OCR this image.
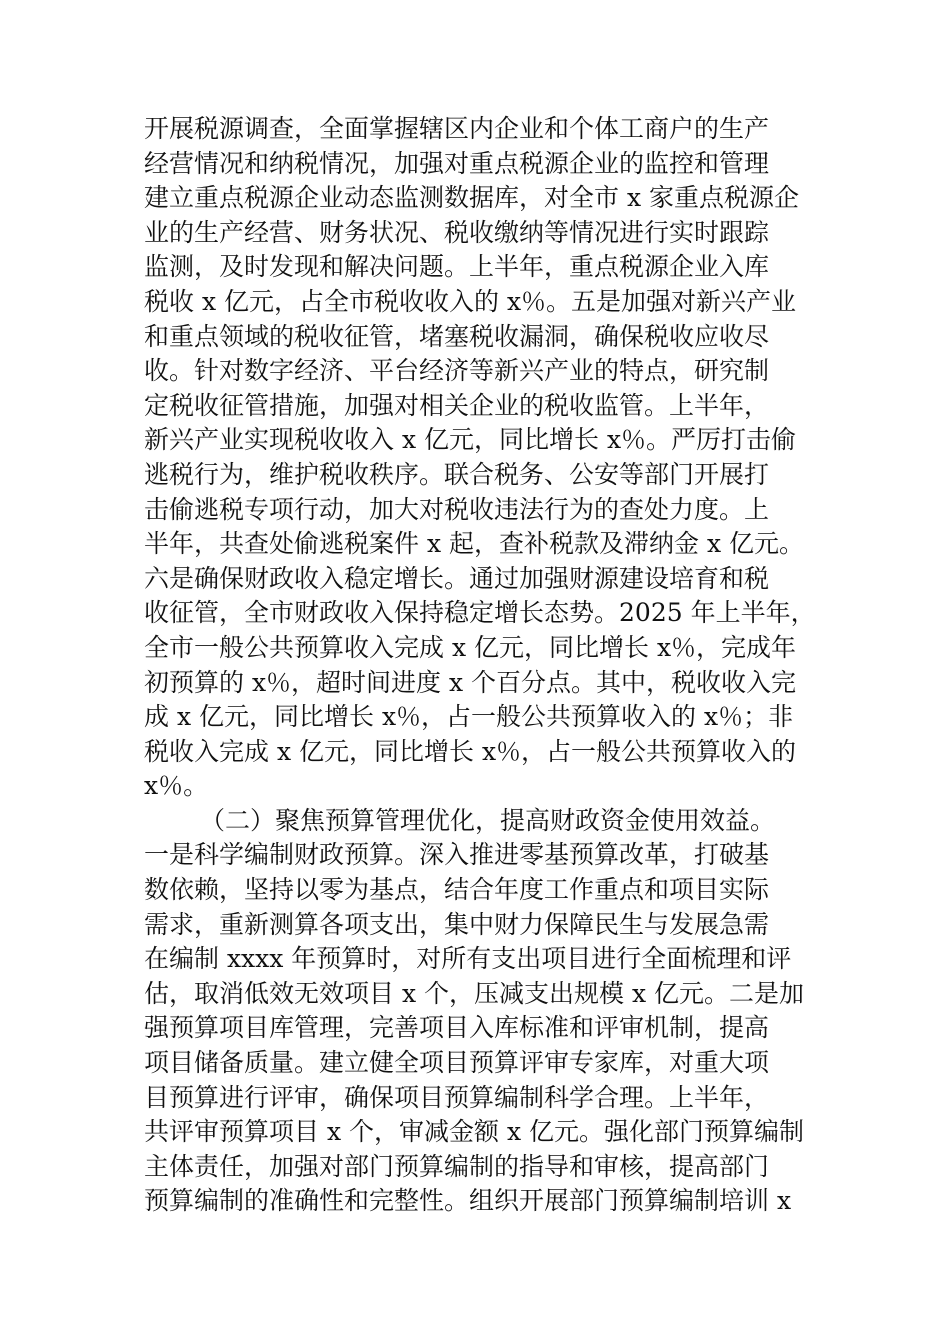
开展税源调查，全面掌握辖区内企业和个体工商户的生产
经营情况和纳税情况，加强对重点税源企业的监控和管理
建立重点税源企业动态监测数据库，对全市 x 家重点税源企
业的生产经营、财务状况、税收缴纳等情况进行实时跟踪
监测，及时发现和解决问题。上半年，重点税源企业入库
税收 x 亿元，占全市税收收入的 x％。五是加强对新兴产业
和重点领域的税收征管，堵塞税收漏洞，确保税收应收尽
收。针对数字经济、平台经济等新兴产业的特点，研究制
定税收征管措施，加强对相关企业的税收监管。上半年，
新兴产业实现税收收入 x 亿元，同比增长 x％。严厉打击偷
逃税行为，维护税收秩序。联合税务、公安等部门开展打
击偷逃税专项行动，加大对税收违法行为的查处力度。上
半年，共查处偷逃税案件 x 起，查补税款及滞纳金 x 亿元。
六是确保财政收入稳定增长。通过加强财源建设培育和税
收征管，全市财政收入保持稳定增长态势。2025 年上半年，
全市一般公共预算收入完成 x 亿元，同比增长 x％，完成年
初预算的 x％，超时间进度 x 个百分点。其中，税收收入完
成 x 亿元，同比增长 x％，占一般公共预算收入的 x％；非
税收入完成 x 亿元，同比增长 x％，占一般公共预算收入的
x％。
（二）聚焦预算管理优化，提高财政资金使用效益。
一是科学编制财政预算。深入推进零基预算改革，打破基
数依赖，坚持以零为基点，结合年度工作重点和项目实际
需求，重新测算各项支出，集中财力保障民生与发展急需
在编制 xxxx 年预算时，对所有支出项目进行全面梳理和评
估，取消低效无效项目 x 个，压减支出规模 x 亿元。二是加
强预算项目库管理，完善项目入库标准和评审机制，提高
项目储备质量。建立健全项目预算评审专家库，对重大项
目预算进行评审，确保项目预算编制科学合理。上半年，
共评审预算项目 x 个，审减金额 x 亿元。强化部门预算编制
主体责任，加强对部门预算编制的指导和审核，提高部门
预算编制的准确性和完整性。组织开展部门预算编制培训 x
